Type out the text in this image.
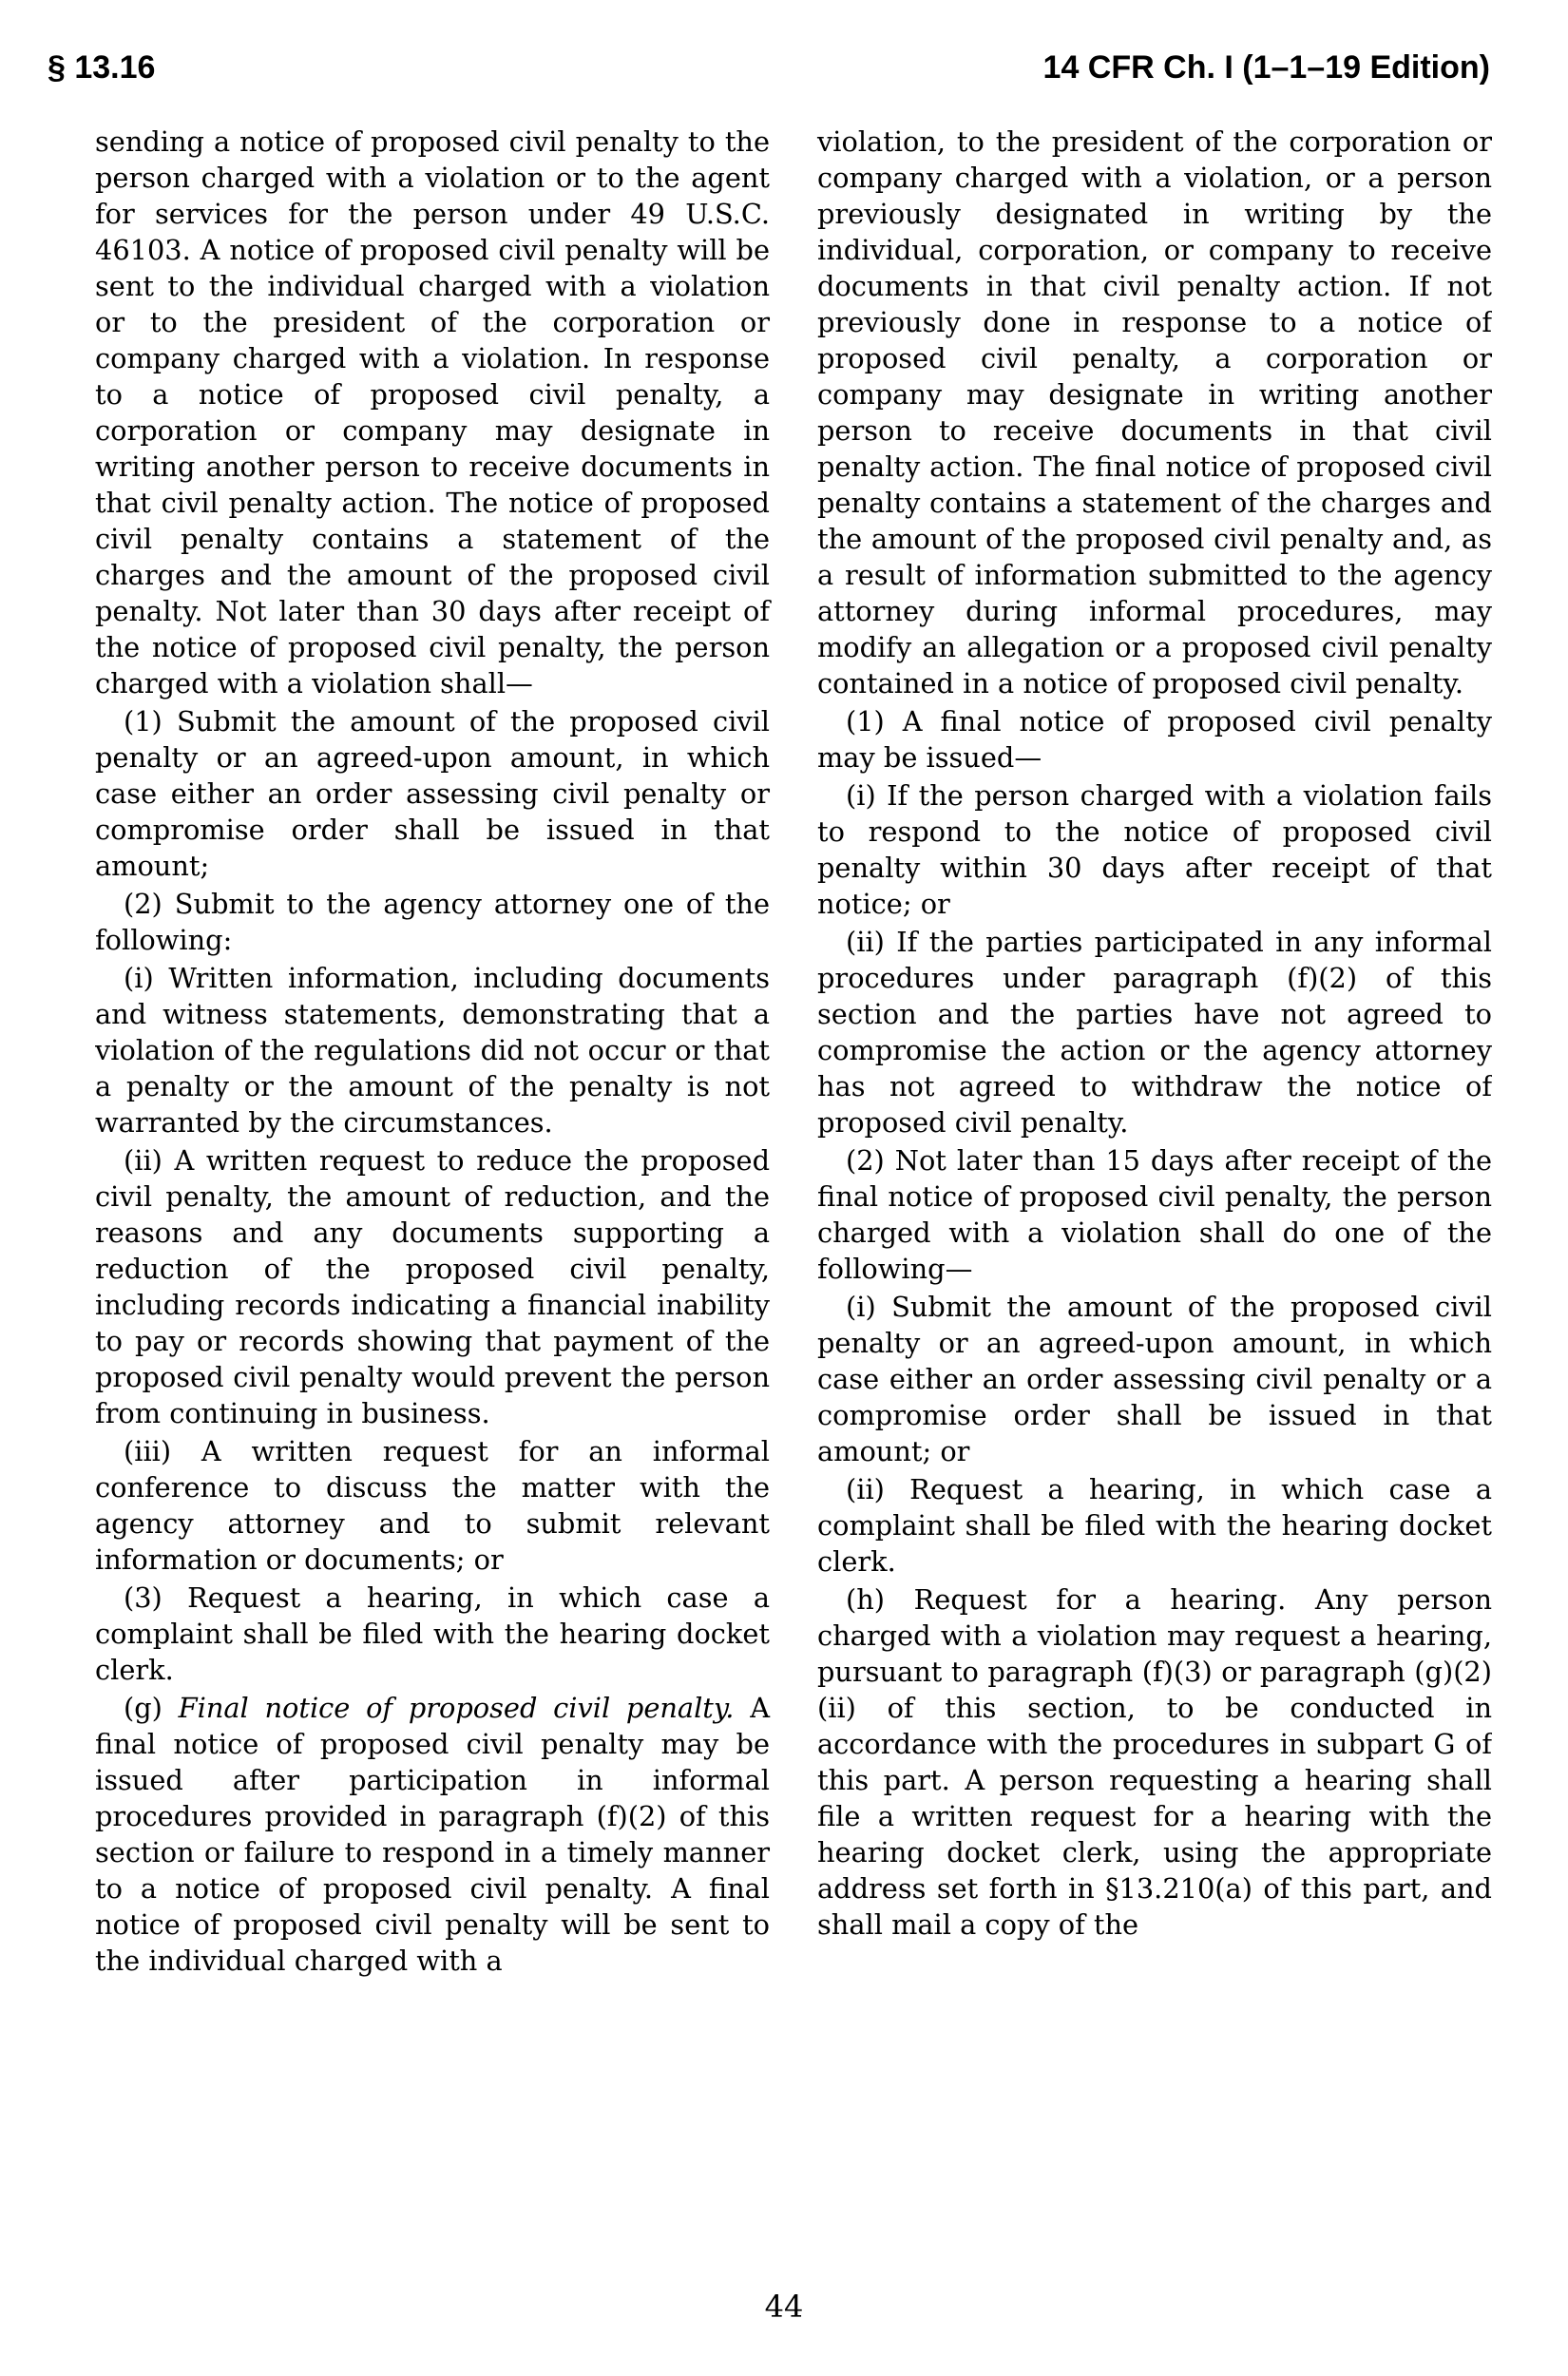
§ 13.16	14 CFR Ch. I (1–1–19 Edition)

sending a notice of proposed civil penalty to the person charged with a violation or to the agent for services for the person under 49 U.S.C. 46103. A notice of proposed civil penalty will be sent to the individual charged with a violation or to the president of the corporation or company charged with a violation. In response to a notice of proposed civil penalty, a corporation or company may designate in writing another person to receive documents in that civil penalty action. The notice of proposed civil penalty contains a statement of the charges and the amount of the proposed civil penalty. Not later than 30 days after receipt of the notice of proposed civil penalty, the person charged with a violation shall—

(1) Submit the amount of the proposed civil penalty or an agreed-upon amount, in which case either an order assessing civil penalty or compromise order shall be issued in that amount;

(2) Submit to the agency attorney one of the following:

(i) Written information, including documents and witness statements, demonstrating that a violation of the regulations did not occur or that a penalty or the amount of the penalty is not warranted by the circumstances.

(ii) A written request to reduce the proposed civil penalty, the amount of reduction, and the reasons and any documents supporting a reduction of the proposed civil penalty, including records indicating a financial inability to pay or records showing that payment of the proposed civil penalty would prevent the person from continuing in business.

(iii) A written request for an informal conference to discuss the matter with the agency attorney and to submit relevant information or documents; or

(3) Request a hearing, in which case a complaint shall be filed with the hearing docket clerk.

(g) Final notice of proposed civil penalty. A final notice of proposed civil penalty may be issued after participation in informal procedures provided in paragraph (f)(2) of this section or failure to respond in a timely manner to a notice of proposed civil penalty. A final notice of proposed civil penalty will be sent to the individual charged with a

violation, to the president of the corporation or company charged with a violation, or a person previously designated in writing by the individual, corporation, or company to receive documents in that civil penalty action. If not previously done in response to a notice of proposed civil penalty, a corporation or company may designate in writing another person to receive documents in that civil penalty action. The final notice of proposed civil penalty contains a statement of the charges and the amount of the proposed civil penalty and, as a result of information submitted to the agency attorney during informal procedures, may modify an allegation or a proposed civil penalty contained in a notice of proposed civil penalty.

(1) A final notice of proposed civil penalty may be issued—

(i) If the person charged with a violation fails to respond to the notice of proposed civil penalty within 30 days after receipt of that notice; or

(ii) If the parties participated in any informal procedures under paragraph (f)(2) of this section and the parties have not agreed to compromise the action or the agency attorney has not agreed to withdraw the notice of proposed civil penalty.

(2) Not later than 15 days after receipt of the final notice of proposed civil penalty, the person charged with a violation shall do one of the following—

(i) Submit the amount of the proposed civil penalty or an agreed-upon amount, in which case either an order assessing civil penalty or a compromise order shall be issued in that amount; or

(ii) Request a hearing, in which case a complaint shall be filed with the hearing docket clerk.

(h) Request for a hearing. Any person charged with a violation may request a hearing, pursuant to paragraph (f)(3) or paragraph (g)(2)(ii) of this section, to be conducted in accordance with the procedures in subpart G of this part. A person requesting a hearing shall file a written request for a hearing with the hearing docket clerk, using the appropriate address set forth in §13.210(a) of this part, and shall mail a copy of the

44
